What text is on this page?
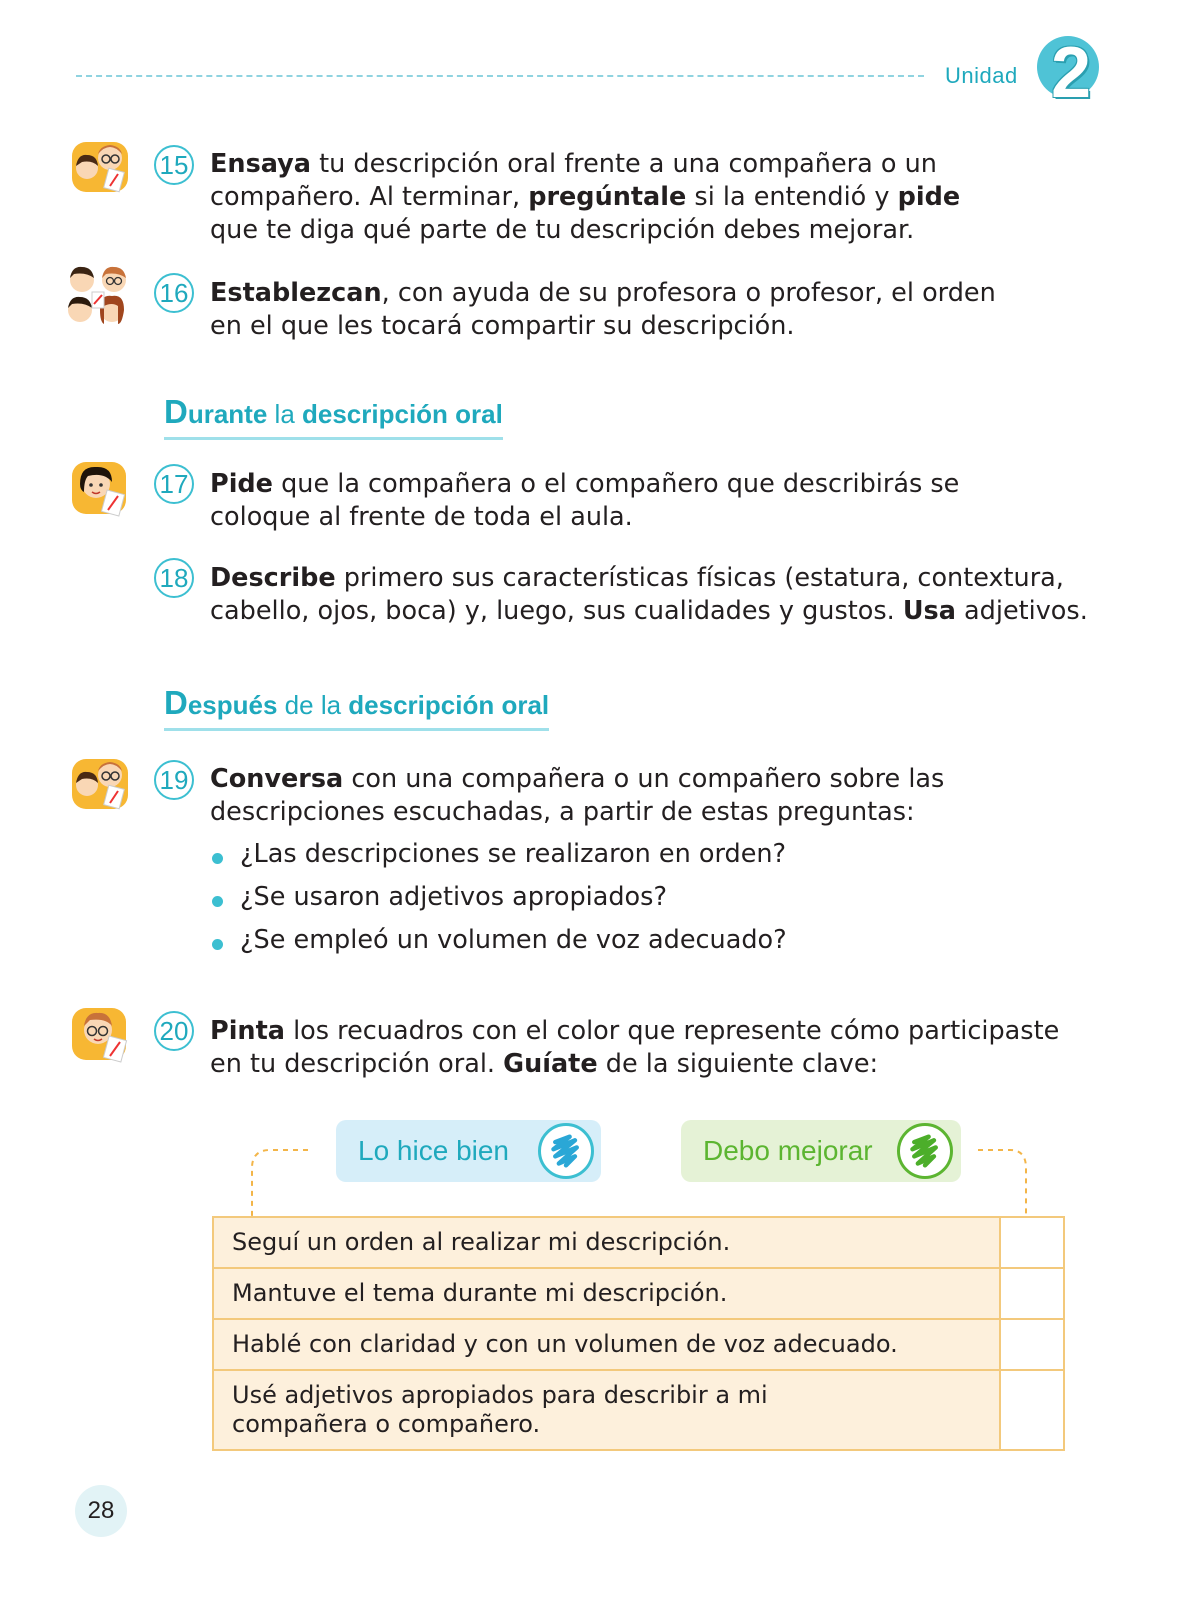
Unidad 2
15 Ensaya tu descripción oral frente a una compañera o un
compañero. Al terminar, pregúntale si la entendió y pide
que te diga qué parte de tu descripción debes mejorar.
16 Establezcan, con ayuda de su profesora o profesor, el orden
en el que les tocará compartir su descripción.
Durante la descripción oral
17 Pide que la compañera o el compañero que describirás se
coloque al frente de toda el aula.
18 Describe primero sus características físicas (estatura, contextura,
cabello, ojos, boca) y, luego, sus cualidades y gustos. Usa adjetivos.
Después de la descripción oral
19 Conversa con una compañera o un compañero sobre las
descripciones escuchadas, a partir de estas preguntas:
¿Las descripciones se realizaron en orden?
¿Se usaron adjetivos apropiados?
¿Se empleó un volumen de voz adecuado?
20 Pinta los recuadros con el color que represente cómo participaste
en tu descripción oral. Guíate de la siguiente clave:
Lo hice bien	Debo mejorar
Seguí un orden al realizar mi descripción.	
Mantuve el tema durante mi descripción.	
Hablé con claridad y con un volumen de voz adecuado.	
Usé adjetivos apropiados para describir a mi compañera o compañero.	
28
